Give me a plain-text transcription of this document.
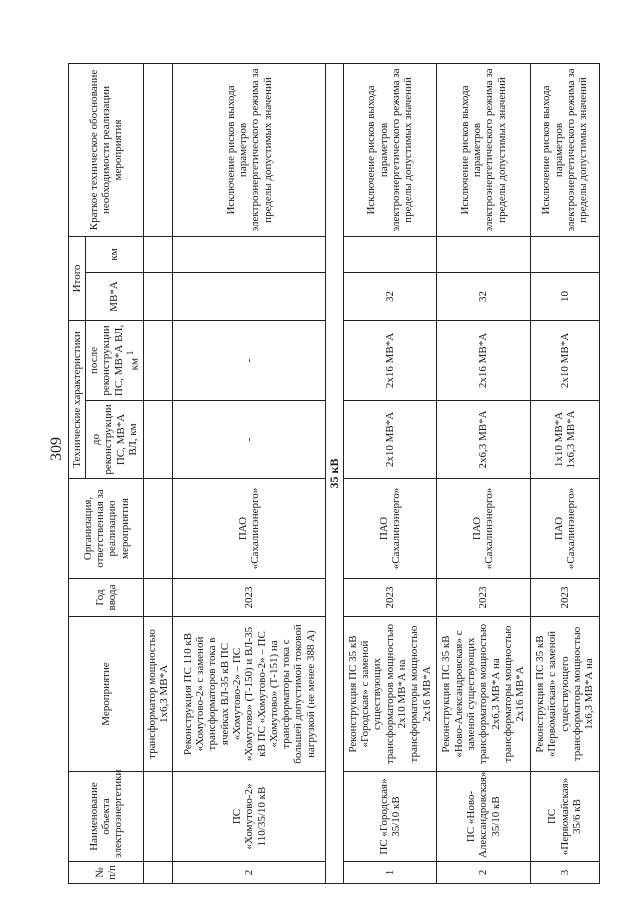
309
№ п/п	Наименование объекта электроэнергетики	Мероприятие	Год ввода	Организация, ответственная за реализацию мероприятия	Технические характеристики		Итого		Краткое техническое обоснование необходимости реализации мероприятия
					до реконструкции ПС, МВ*А ВЛ, км	после реконструкции ПС, МВ*А ВЛ, км $^1$	МВ*А	км	

		трансформатор мощностью 1х6,3 МВ*А							
2	ПС «Хомутово-2» 110/35/10 кВ	Реконструкция ПС 110 кВ «Хомутово-2» с заменой трансформаторов тока в ячейках ВЛ-35 кВ ПС «Хомутово-2» – ПС «Хомутово» (Т-150) и ВЛ-35 кВ ПС «Хомутово-2» – ПС «Хомутово» (Т-151) на трансформаторы тока с большей допустимой токовой нагрузкой (не менее 388 А)	2023	ПАО «Сахалинэнерго»	-	-			Исключение рисков выхода параметров электроэнергетического режима за пределы допустимых значений
35 кВ									
1	ПС «Городская» 35/10 кВ	Реконструкция ПС 35 кВ «Городская» с заменой существующих трансформаторов мощностью 2х10 МВ*А на трансформаторы мощностью 2х16 МВ*А	2023	ПАО «Сахалинэнерго»	2х10 МВ*А	2х16 МВ*А	32		Исключение рисков выхода параметров электроэнергетического режима за пределы допустимых значений
2	ПС «Ново-Александровская» 35/10 кВ	Реконструкция ПС 35 кВ «Ново-Александровская» с заменой существующих трансформаторов мощностью 2х6,3 МВ*А на трансформаторы мощностью 2х16 МВ*А	2023	ПАО «Сахалинэнерго»	2х6,3 МВ*А	2х16 МВ*А	32		Исключение рисков выхода параметров электроэнергетического режима за пределы допустимых значений
3	ПС «Первомайская» 35/6 кВ	Реконструкция ПС 35 кВ «Первомайская» с заменой существующего трансформатора мощностью 1х6,3 МВ*А на	2023	ПАО «Сахалинэнерго»	1х10 МВ*А 1х6,3 МВ*А	2х10 МВ*А	10		Исключение рисков выхода параметров электроэнергетического режима за пределы допустимых значений
